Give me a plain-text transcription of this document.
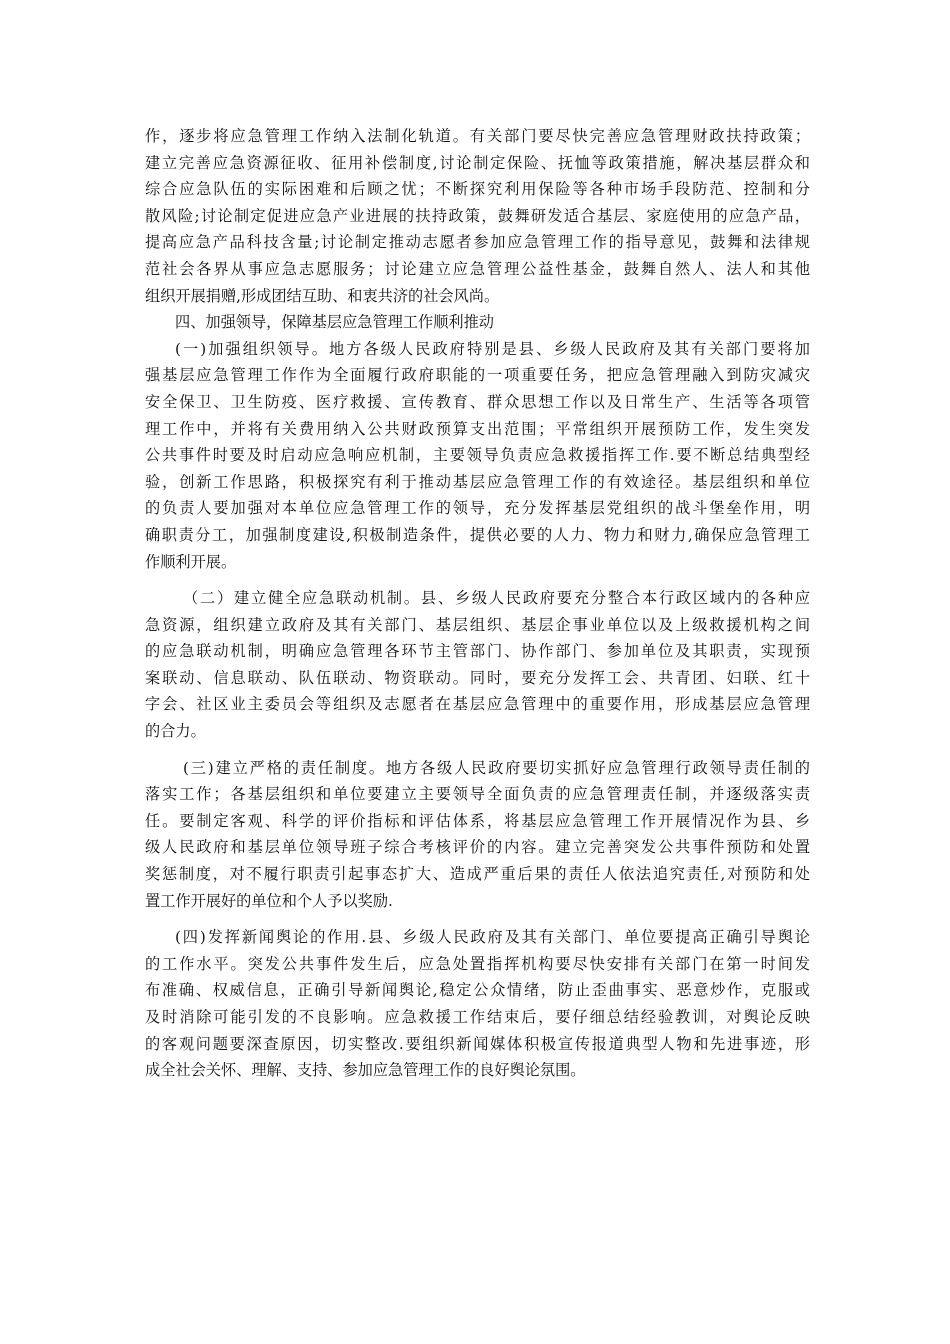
作，逐步将应急管理工作纳入法制化轨道。有关部门要尽快完善应急管理财政扶持政策；
建立完善应急资源征收、征用补偿制度,讨论制定保险、抚恤等政策措施，解决基层群众和
综合应急队伍的实际困难和后顾之忧；不断探究利用保险等各种市场手段防范、控制和分
散风险;讨论制定促进应急产业进展的扶持政策，鼓舞研发适合基层、家庭使用的应急产品，
提高应急产品科技含量;讨论制定推动志愿者参加应急管理工作的指导意见，鼓舞和法律规
范社会各界从事应急志愿服务；讨论建立应急管理公益性基金，鼓舞自然人、法人和其他
组织开展捐赠,形成团结互助、和衷共济的社会风尚。
四、加强领导，保障基层应急管理工作顺利推动
(一)加强组织领导。地方各级人民政府特别是县、乡级人民政府及其有关部门要将加
强基层应急管理工作作为全面履行政府职能的一项重要任务，把应急管理融入到防灾减灾
安全保卫、卫生防疫、医疗救援、宣传教育、群众思想工作以及日常生产、生活等各项管
理工作中，并将有关费用纳入公共财政预算支出范围；平常组织开展预防工作，发生突发
公共事件时要及时启动应急响应机制，主要领导负责应急救援指挥工作.要不断总结典型经
验，创新工作思路，积极探究有利于推动基层应急管理工作的有效途径。基层组织和单位
的负责人要加强对本单位应急管理工作的领导，充分发挥基层党组织的战斗堡垒作用，明
确职责分工，加强制度建设,积极制造条件，提供必要的人力、物力和财力,确保应急管理工
作顺利开展。
（二）建立健全应急联动机制。县、乡级人民政府要充分整合本行政区域内的各种应
急资源，组织建立政府及其有关部门、基层组织、基层企事业单位以及上级救援机构之间
的应急联动机制，明确应急管理各环节主管部门、协作部门、参加单位及其职责，实现预
案联动、信息联动、队伍联动、物资联动。同时，要充分发挥工会、共青团、妇联、红十
字会、社区业主委员会等组织及志愿者在基层应急管理中的重要作用，形成基层应急管理
的合力。
(三)建立严格的责任制度。地方各级人民政府要切实抓好应急管理行政领导责任制的
落实工作；各基层组织和单位要建立主要领导全面负责的应急管理责任制，并逐级落实责
任。要制定客观、科学的评价指标和评估体系，将基层应急管理工作开展情况作为县、乡
级人民政府和基层单位领导班子综合考核评价的内容。建立完善突发公共事件预防和处置
奖惩制度，对不履行职责引起事态扩大、造成严重后果的责任人依法追究责任,对预防和处
置工作开展好的单位和个人予以奖励.
(四)发挥新闻舆论的作用.县、乡级人民政府及其有关部门、单位要提高正确引导舆论
的工作水平。突发公共事件发生后，应急处置指挥机构要尽快安排有关部门在第一时间发
布准确、权威信息，正确引导新闻舆论,稳定公众情绪，防止歪曲事实、恶意炒作，克服或
及时消除可能引发的不良影响。应急救援工作结束后，要仔细总结经验教训，对舆论反映
的客观问题要深查原因，切实整改.要组织新闻媒体积极宣传报道典型人物和先进事迹，形
成全社会关怀、理解、支持、参加应急管理工作的良好舆论氛围。
